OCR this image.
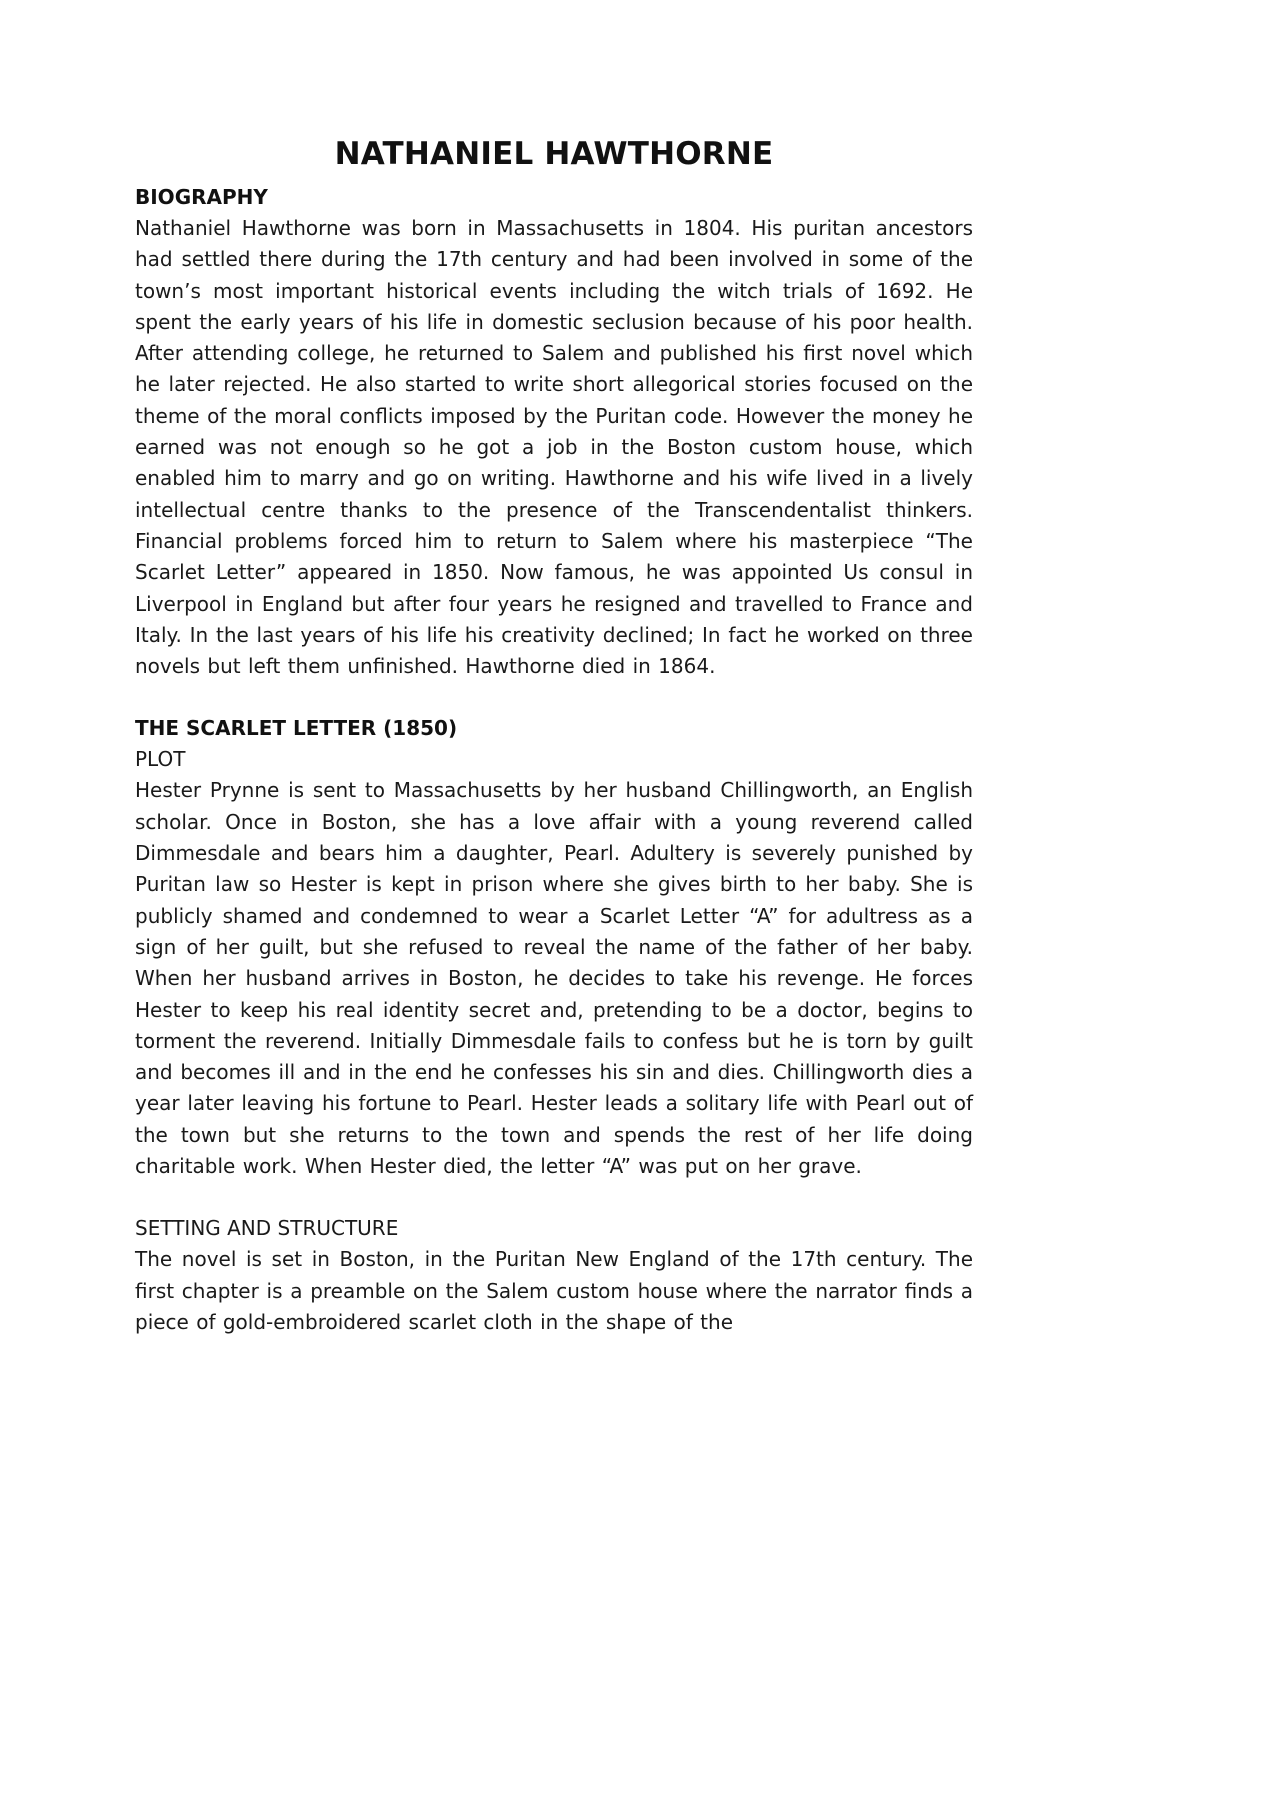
NATHANIEL HAWTHORNE
BIOGRAPHY

Nathaniel Hawthorne was born in Massachusetts in 1804. His puritan ancestors had settled there during the 17th century and had been involved in some of the town’s most important historical events including the witch trials of 1692. He spent the early years of his life in domestic seclusion because of his poor health. After attending college, he returned to Salem and published his first novel which he later rejected. He also started to write short allegorical stories focused on the theme of the moral conflicts imposed by the Puritan code. However the money he earned was not enough so he got a job in the Boston custom house, which enabled him to marry and go on writing. Hawthorne and his wife lived in a lively intellectual centre thanks to the presence of the Transcendentalist thinkers. Financial problems forced him to return to Salem where his masterpiece “The Scarlet Letter” appeared in 1850. Now famous, he was appointed Us consul in Liverpool in England but after four years he resigned and travelled to France and Italy. In the last years of his life his creativity declined; In fact he worked on three novels but left them unfinished. Hawthorne died in 1864.

THE SCARLET LETTER (1850)
PLOT

Hester Prynne is sent to Massachusetts by her husband Chillingworth, an English scholar. Once in Boston, she has a love affair with a young reverend called Dimmesdale and bears him a daughter, Pearl. Adultery is severely punished by Puritan law so Hester is kept in prison where she gives birth to her baby. She is publicly shamed and condemned to wear a Scarlet Letter “A” for adultress as a sign of her guilt, but she refused to reveal the name of the father of her baby. When her husband arrives in Boston, he decides to take his revenge. He forces Hester to keep his real identity secret and, pretending to be a doctor, begins to torment the reverend. Initially Dimmesdale fails to confess but he is torn by guilt and becomes ill and in the end he confesses his sin and dies. Chillingworth dies a year later leaving his fortune to Pearl. Hester leads a solitary life with Pearl out of the town but she returns to the town and spends the rest of her life doing charitable work. When Hester died, the letter “A” was put on her grave.

SETTING AND STRUCTURE

The novel is set in Boston, in the Puritan New England of the 17th century. The first chapter is a preamble on the Salem custom house where the narrator finds a piece of gold-embroidered scarlet cloth in the shape of the
